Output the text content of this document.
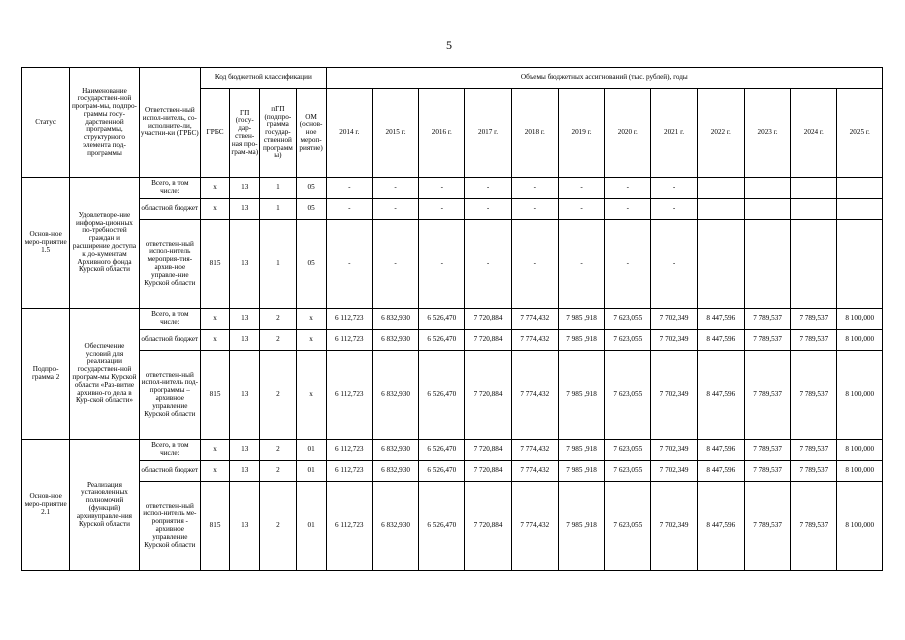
5
Статус	Наименование государствен-ной програм-мы, подпро-граммы госу-дарственной программы, структурного элемента под-программы	Ответствен-ный испол-нитель, со-исполните-ли, участни-ки (ГРБС)	Код бюджетной классификации				Объемы бюджетных ассигнований (тыс. рублей), годы											
			ГРБС	ГП (госу-дар-ствен-ная про-грам-ма)	пГП (подпро-грамма государ-ственной программы)	ОМ (основ-ное мероп-риятие)	2014 г.	2015 г.	2016 г.	2017 г.	2018 г.	2019 г.	2020 г.	2021 г.	2022 г.	2023 г.	2024 г.	2025 г.
Основ-ное меро-приятие 1.5	Удовлетворе-ние информа-ционных по-требностей граждан и расширение доступа к до-кументам Архивного фонда Курской области	Всего, в том числе:	x	13	1	05	-	-	-	-	-	-	-	-				
		областной бюджет	x	13	1	05	-	-	-	-	-	-	-	-				
		ответствен-ный испол-нитель мероприя-тия- архив-ное управле-ние Курской области	815	13	1	05	-	-	-	-	-	-	-	-				
Подпро-грамма 2	Обеспечение условий для реализации государствен-ной програм-мы Курской области «Раз-витие архивно-го дела в Кур-ской области»	Всего, в том числе:	x	13	2	x	6 112,723	6 832,930	6 526,470	7 720,884	7 774,432	7 985 ,918	7 623,055	7 702,349	8 447,596	7 789,537	7 789,537	8 100,000
		областной бюджет	x	13	2	x	6 112,723	6 832,930	6 526,470	7 720,884	7 774,432	7 985 ,918	7 623,055	7 702,349	8 447,596	7 789,537	7 789,537	8 100,000
		ответствен-ный испол-нитель под-программы – архивное управление Курской области	815	13	2	x	6 112,723	6 832,930	6 526,470	7 720,884	7 774,432	7 985 ,918	7 623,055	7 702,349	8 447,596	7 789,537	7 789,537	8 100,000
Основ-ное меро-приятие 2.1	Реализация установленных полномочий (функций) архивуправле-ния Курской области	Всего, в том числе:	x	13	2	01	6 112,723	6 832,930	6 526,470	7 720,884	7 774,432	7 985 ,918	7 623,055	7 702,349	8 447,596	7 789,537	7 789,537	8 100,000
		областной бюджет	x	13	2	01	6 112,723	6 832,930	6 526,470	7 720,884	7 774,432	7 985 ,918	7 623,055	7 702,349	8 447,596	7 789,537	7 789,537	8 100,000
		ответствен-ный испол-нитель ме-роприятия - архивное управление Курской области	815	13	2	01	6 112,723	6 832,930	6 526,470	7 720,884	7 774,432	7 985 ,918	7 623,055	7 702,349	8 447,596	7 789,537	7 789,537	8 100,000
